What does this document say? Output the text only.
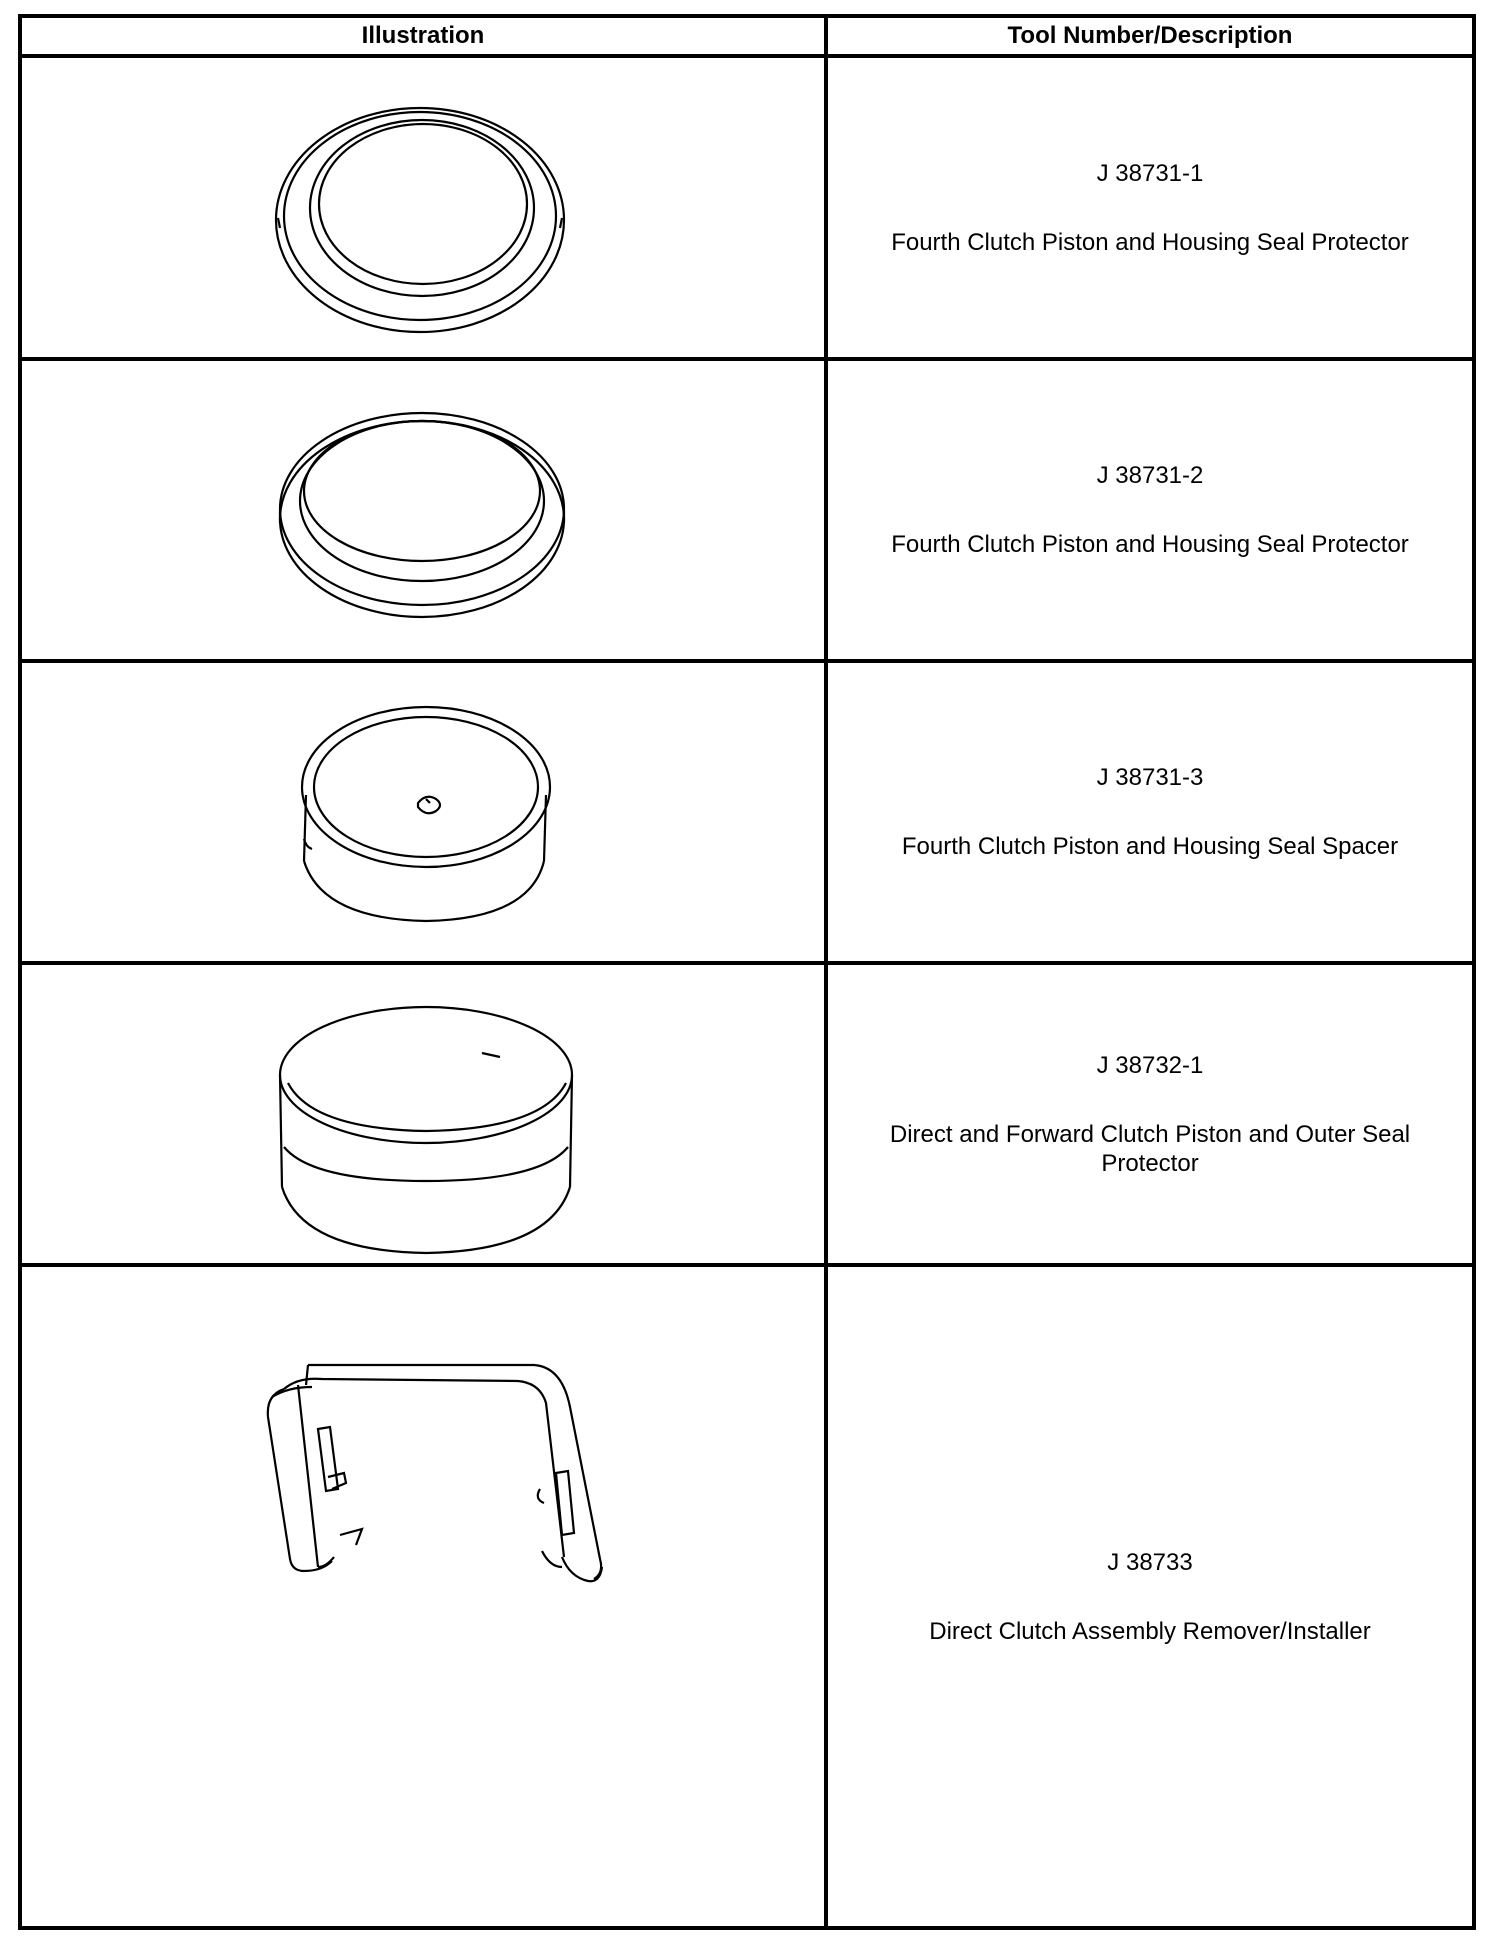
Illustration	Tool Number/Description
J 38731-1
Fourth Clutch Piston and Housing Seal Protector
J 38731-2
Fourth Clutch Piston and Housing Seal Protector
J 38731-3
Fourth Clutch Piston and Housing Seal Spacer
J 38732-1
Direct and Forward Clutch Piston and Outer Seal Protector
J 38733
Direct Clutch Assembly Remover/Installer
